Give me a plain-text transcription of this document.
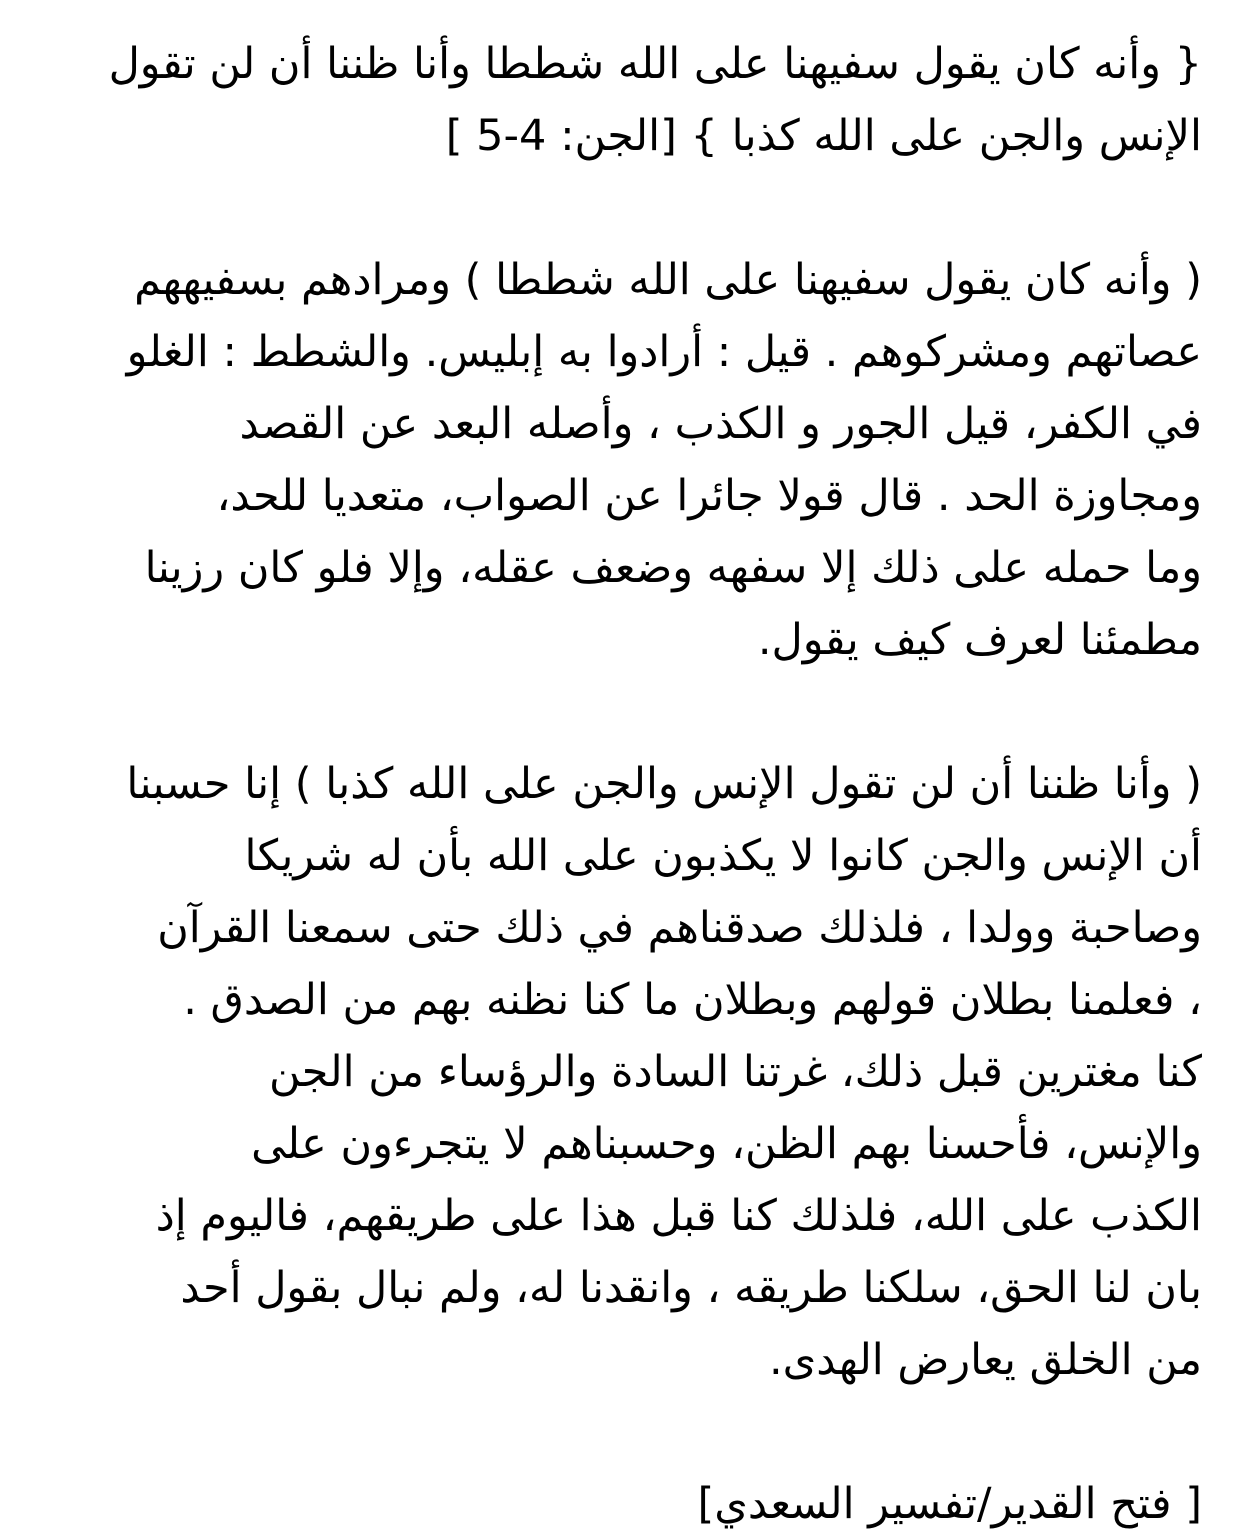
{ وأنه كان يقول سفيهنا على الله شططا وأنا ظننا أن لن تقول
الإنس والجن على الله كذبا } [الجن: 4-5 ]
( وأنه كان يقول سفيهنا على الله شططا ) ومرادهم بسفيههم
عصاتهم ومشركوهم . قيل : أرادوا به إبليس. والشطط : الغلو
في الكفر، قيل الجور و الكذب ، وأصله البعد عن القصد
ومجاوزة الحد . قال قولا جائرا عن الصواب، متعديا للحد،
وما حمله على ذلك إلا سفهه وضعف عقله، وإلا فلو كان رزينا
مطمئنا لعرف كيف يقول.
( وأنا ظننا أن لن تقول الإنس والجن على الله كذبا ) إنا حسبنا
أن الإنس والجن كانوا لا يكذبون على الله بأن له شريكا
وصاحبة وولدا ، فلذلك صدقناهم في ذلك حتى سمعنا القرآن
، فعلمنا بطلان قولهم وبطلان ما كنا نظنه بهم من الصدق .
كنا مغترين قبل ذلك، غرتنا السادة والرؤساء من الجن
والإنس، فأحسنا بهم الظن، وحسبناهم لا يتجرءون على
الكذب على الله، فلذلك كنا قبل هذا على طريقهم، فاليوم إذ
بان لنا الحق، سلكنا طريقه ، وانقدنا له، ولم نبال بقول أحد
من الخلق يعارض الهدى.
[ فتح القدير/تفسير السعدي]
